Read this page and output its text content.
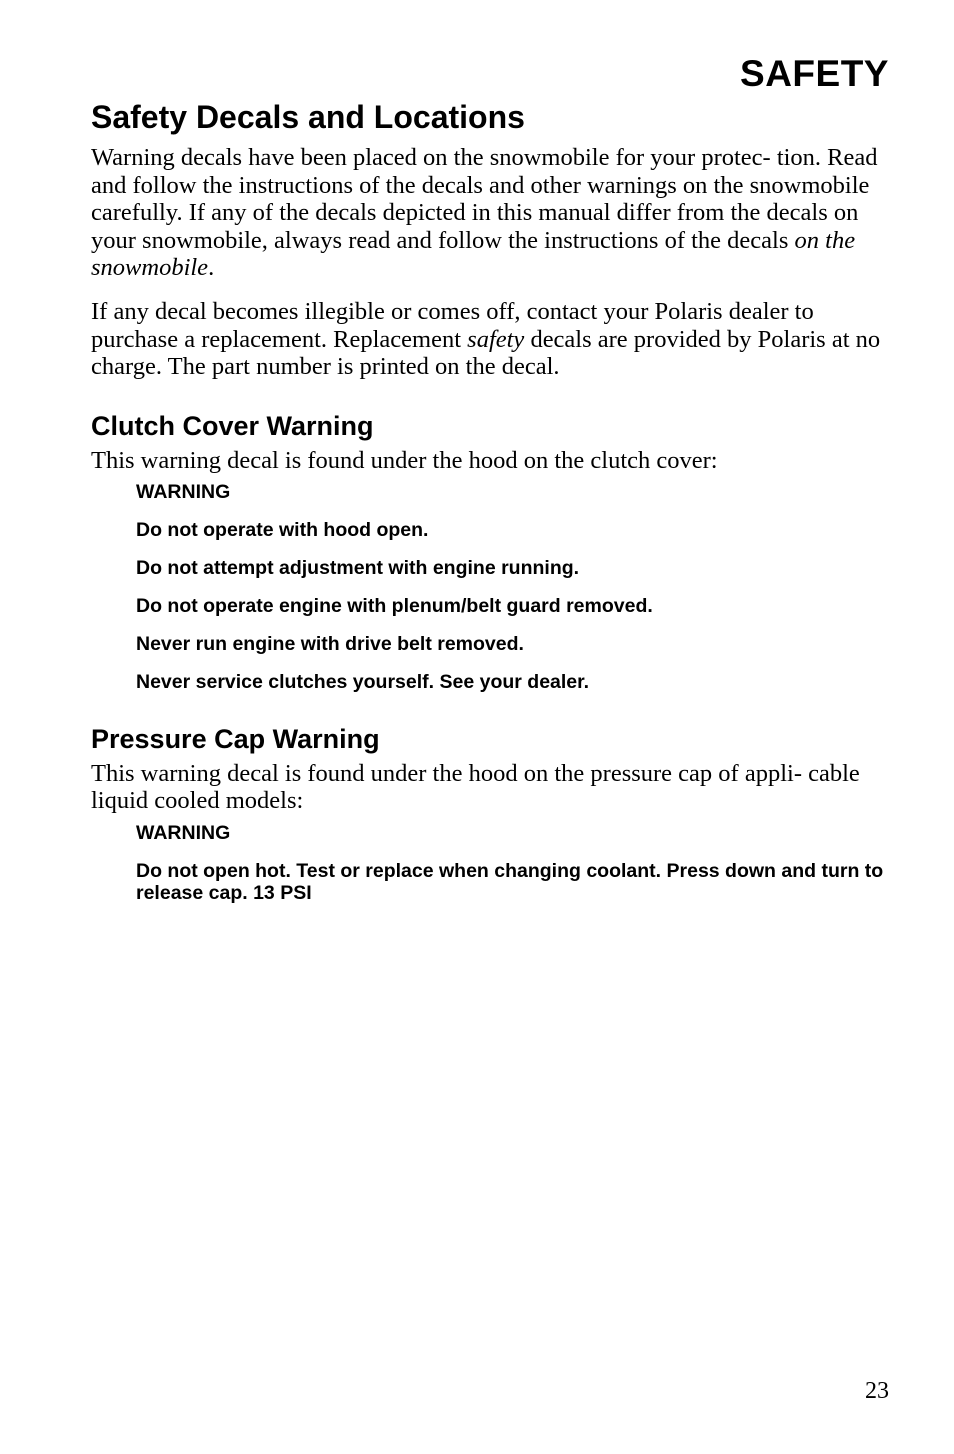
SAFETY
Safety Decals and Locations

Warning decals have been placed on the snowmobile for your protec- tion. Read and follow the instructions of the decals and other warnings on the snowmobile carefully. If any of the decals depicted in this manual differ from the decals on your snowmobile, always read and follow the instructions of the decals on the snowmobile.

If any decal becomes illegible or comes off, contact your Polaris dealer to purchase a replacement. Replacement safety decals are provided by Polaris at no charge. The part number is printed on the decal.

Clutch Cover Warning

This warning decal is found under the hood on the clutch cover:

WARNING
Do not operate with hood open.
Do not attempt adjustment with engine running.
Do not operate engine with plenum/belt guard removed.
Never run engine with drive belt removed.
Never service clutches yourself. See your dealer.
Pressure Cap Warning

This warning decal is found under the hood on the pressure cap of appli- cable liquid cooled models:

WARNING
Do not open hot. Test or replace when changing coolant. Press down and turn to release cap. 13 PSI
23
